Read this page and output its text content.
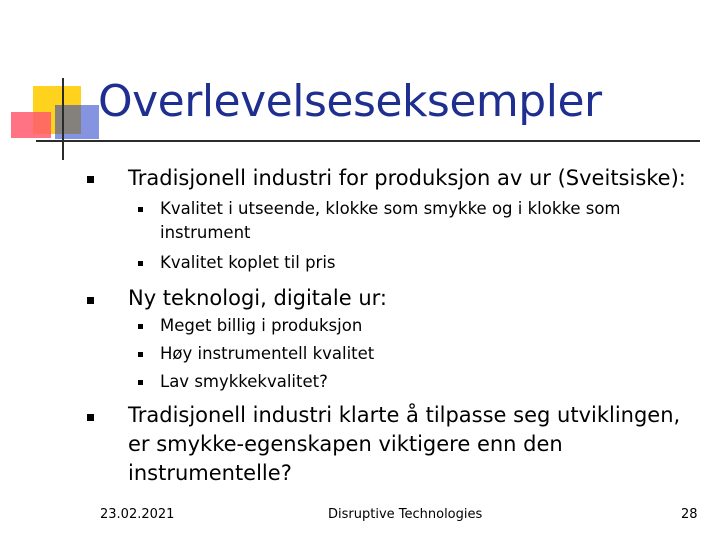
Overlevelseseksempler
Tradisjonell industri for produksjon av ur (Sveitsiske):
Kvalitet i utseende, klokke som smykke og i klokke som instrument
Kvalitet koplet til pris
Ny teknologi, digitale ur:
Meget billig i produksjon
Høy instrumentell kvalitet
Lav smykkekvalitet?
Tradisjonell industri klarte å tilpasse seg utviklingen, er smykke-egenskapen viktigere enn den instrumentelle?
23.02.2021	Disruptive Technologies	28
